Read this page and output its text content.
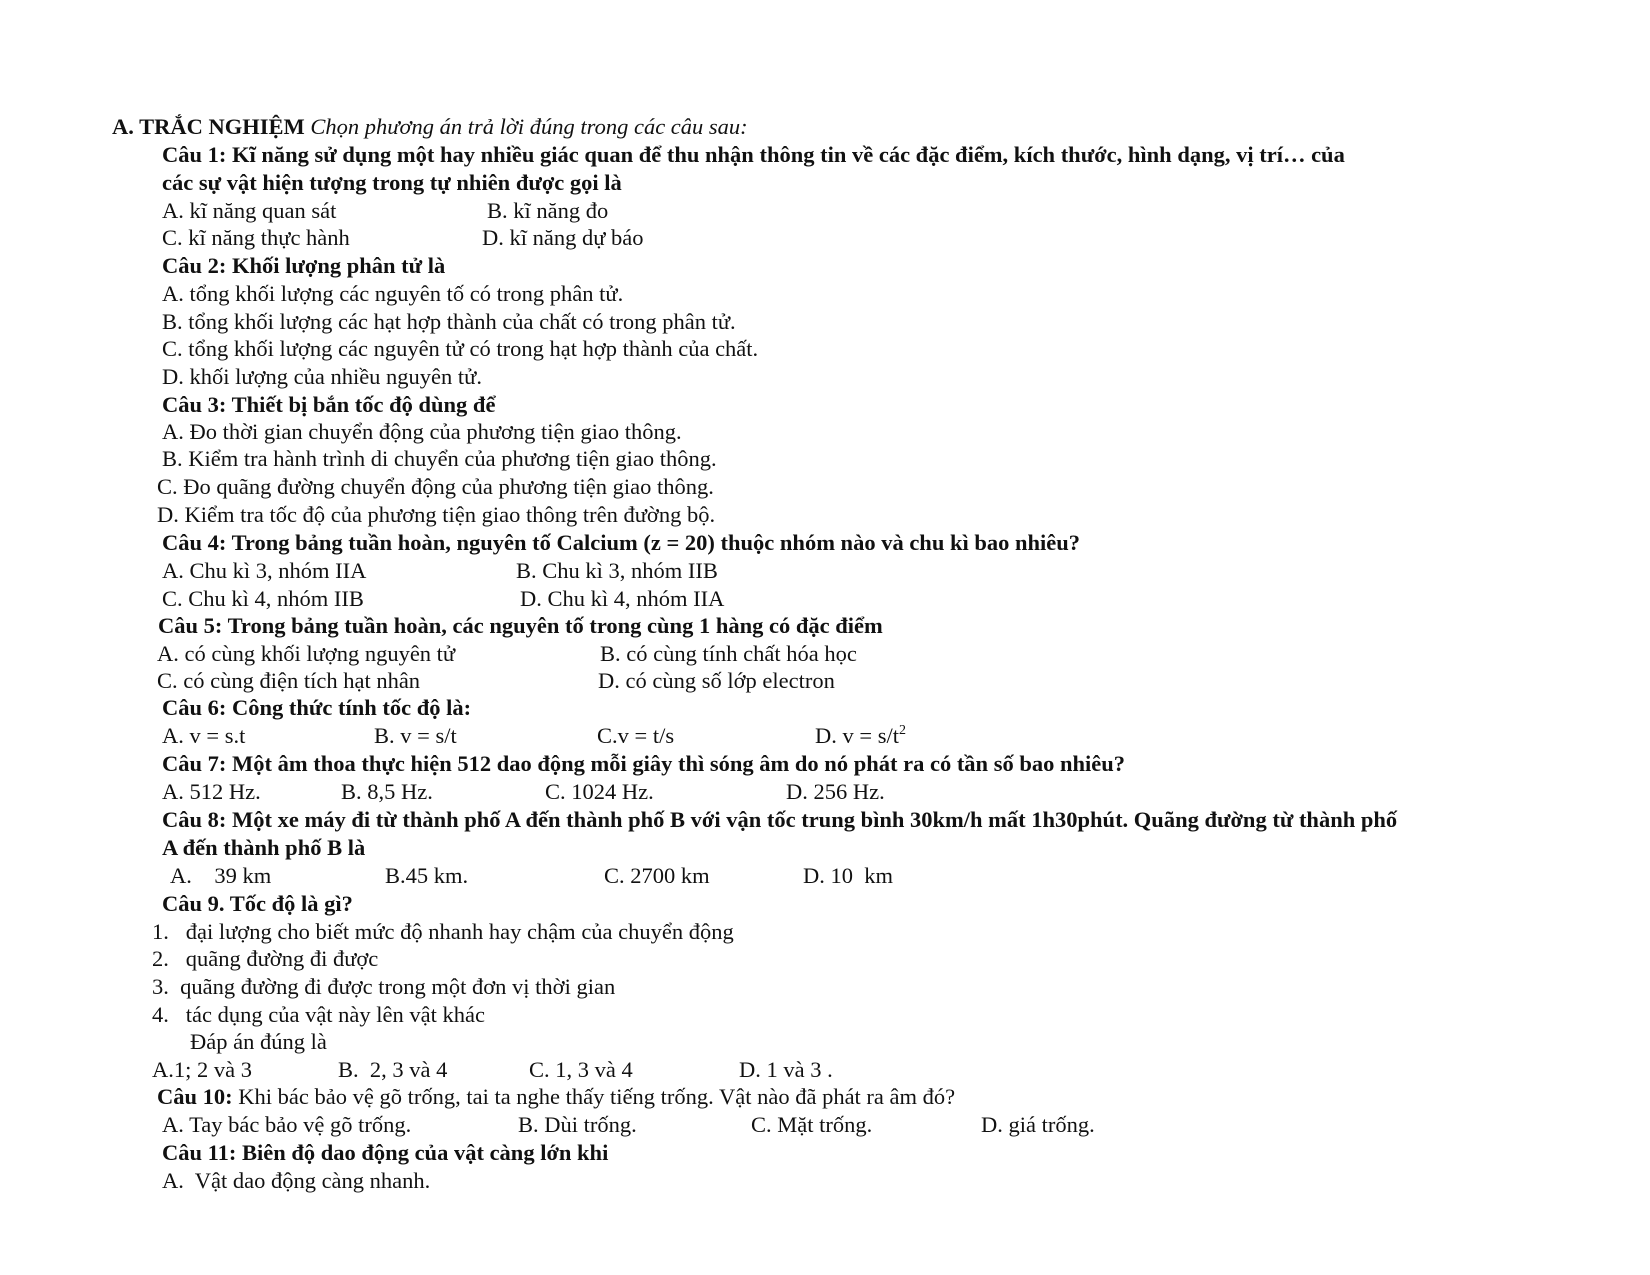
A. TRẮC NGHIỆM Chọn phương án trả lời đúng trong các câu sau:
Câu 1: Kĩ năng sử dụng một hay nhiều giác quan để thu nhận thông tin về các đặc điểm, kích thước, hình dạng, vị trí… của
các sự vật hiện tượng trong tự nhiên được gọi là
A. kĩ năng quan sát	B. kĩ năng đo
C. kĩ năng thực hành	D. kĩ năng dự báo
Câu 2: Khối lượng phân tử là
A. tổng khối lượng các nguyên tố có trong phân tử.
B. tổng khối lượng các hạt hợp thành của chất có trong phân tử.
C. tổng khối lượng các nguyên tử có trong hạt hợp thành của chất.
D. khối lượng của nhiều nguyên tử.
Câu 3: Thiết bị bắn tốc độ dùng để
A. Đo thời gian chuyển động của phương tiện giao thông.
B. Kiểm tra hành trình di chuyển của phương tiện giao thông.
C. Đo quãng đường chuyển động của phương tiện giao thông.
D. Kiểm tra tốc độ của phương tiện giao thông trên đường bộ.
Câu 4: Trong bảng tuần hoàn, nguyên tố Calcium (z = 20) thuộc nhóm nào và chu kì bao nhiêu?
A. Chu kì 3, nhóm IIA	B. Chu kì 3, nhóm IIB
C. Chu kì 4, nhóm IIB	D. Chu kì 4, nhóm IIA
Câu 5: Trong bảng tuần hoàn, các nguyên tố trong cùng 1 hàng có đặc điểm
A. có cùng khối lượng nguyên tử	B. có cùng tính chất hóa học
C. có cùng điện tích hạt nhân	D. có cùng số lớp electron
Câu 6: Công thức tính tốc độ là:
A. v = s.t	B. v = s/t	C.v = t/s	D. $v = s/t^2$
Câu 7: Một âm thoa thực hiện 512 dao động mỗi giây thì sóng âm do nó phát ra có tần số bao nhiêu?
A. 512 Hz.	B. 8,5 Hz.	C. 1024 Hz.	D. 256 Hz.
Câu 8: Một xe máy đi từ thành phố A đến thành phố B với vận tốc trung bình 30km/h mất 1h30phút. Quãng đường từ thành phố
A đến thành phố B là
A.    39 km	B.45 km.	C. 2700 km	D. 10  km
Câu 9. Tốc độ là gì?
1.   đại lượng cho biết mức độ nhanh hay chậm của chuyển động
2.   quãng đường đi được
3.  quãng đường đi được trong một đơn vị thời gian
4.   tác dụng của vật này lên vật khác
Đáp án đúng là
A.1; 2 và 3	B.  2, 3 và 4	C. 1, 3 và 4	D. 1 và 3 .
Câu 10: Khi bác bảo vệ gõ trống, tai ta nghe thấy tiếng trống. Vật nào đã phát ra âm đó?
A. Tay bác bảo vệ gõ trống.	B. Dùi trống.	C. Mặt trống.	D. giá trống.
Câu 11: Biên độ dao động của vật càng lớn khi
A.  Vật dao động càng nhanh.
